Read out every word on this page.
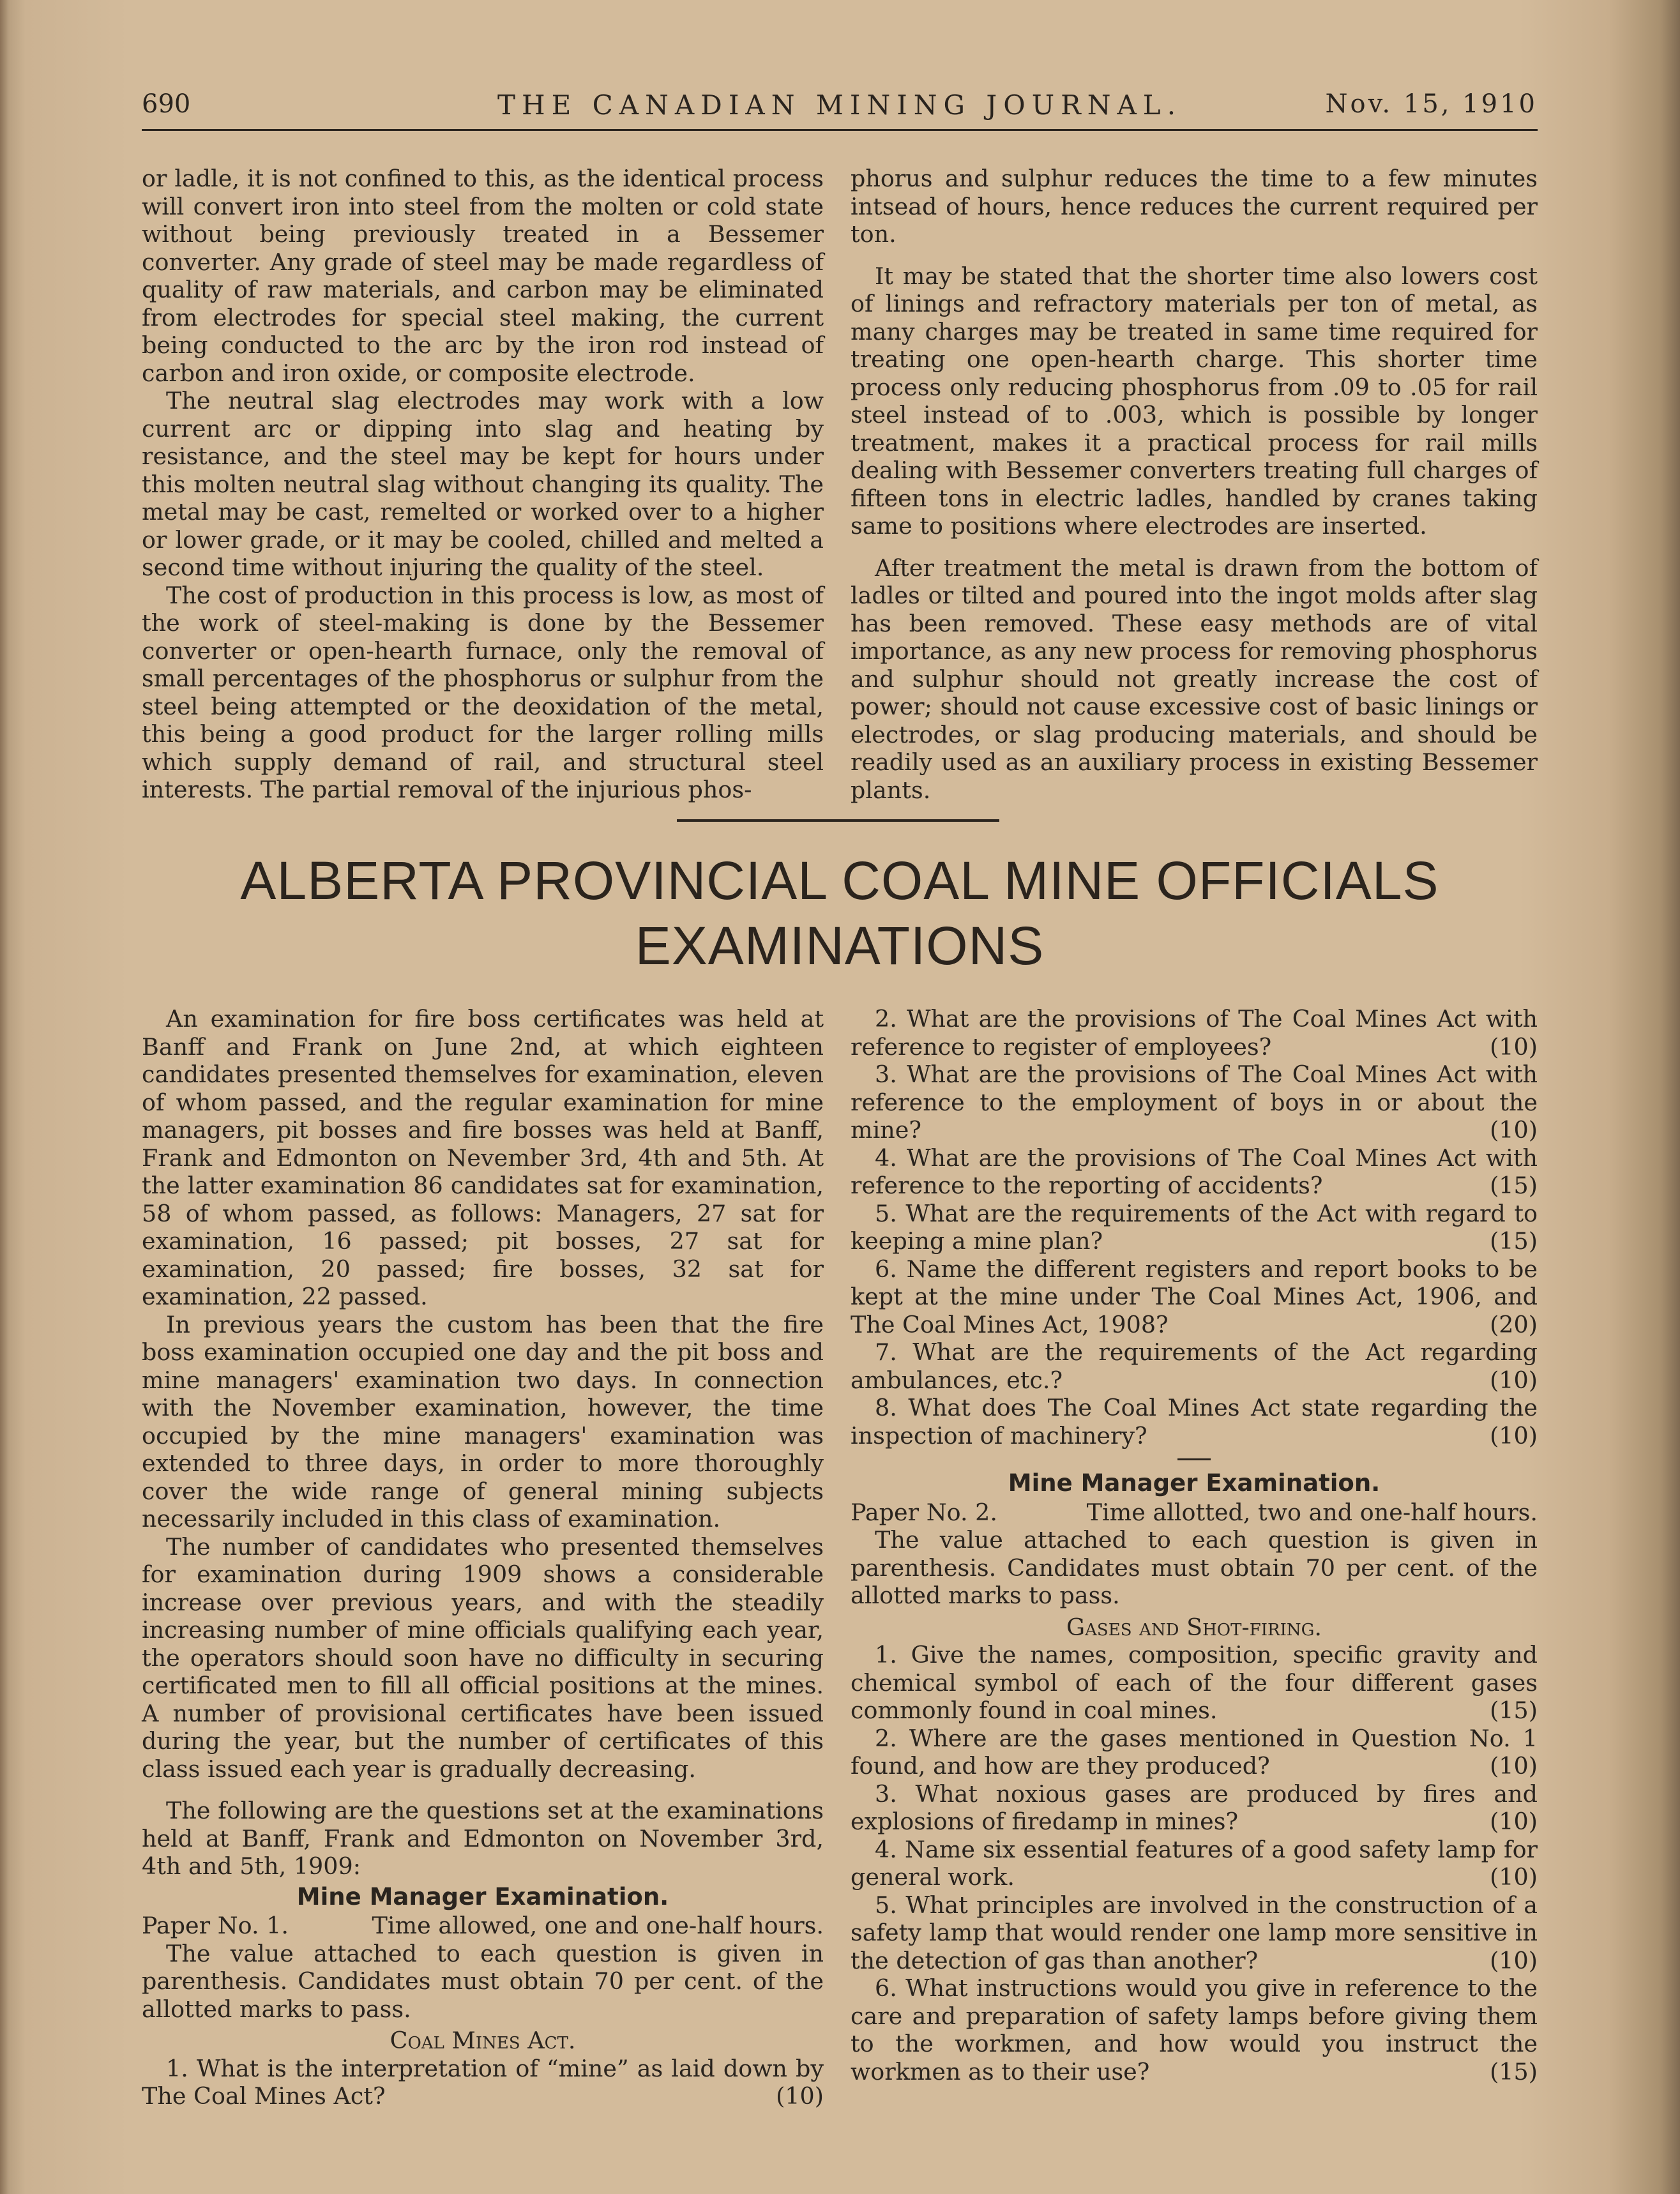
690	THE CANADIAN MINING JOURNAL.	Nov. 15, 1910

or ladle, it is not confined to this, as the identical process will convert iron into steel from the molten or cold state without being previously treated in a Bessemer converter. Any grade of steel may be made regardless of quality of raw materials, and carbon may be eliminated from electrodes for special steel making, the current being conducted to the arc by the iron rod instead of carbon and iron oxide, or composite electrode.

The neutral slag electrodes may work with a low current arc or dipping into slag and heating by resistance, and the steel may be kept for hours under this molten neutral slag without changing its quality. The metal may be cast, remelted or worked over to a higher or lower grade, or it may be cooled, chilled and melted a second time without injuring the quality of the steel.

The cost of production in this process is low, as most of the work of steel-making is done by the Bessemer converter or open-hearth furnace, only the removal of small percentages of the phosphorus or sulphur from the steel being attempted or the deoxidation of the metal, this being a good product for the larger rolling mills which supply demand of rail, and structural steel interests. The partial removal of the injurious phos-

phorus and sulphur reduces the time to a few minutes intsead of hours, hence reduces the current required per ton.

It may be stated that the shorter time also lowers cost of linings and refractory materials per ton of metal, as many charges may be treated in same time required for treating one open-hearth charge. This shorter time process only reducing phosphorus from .09 to .05 for rail steel instead of to .003, which is possible by longer treatment, makes it a practical process for rail mills dealing with Bessemer converters treating full charges of fifteen tons in electric ladles, handled by cranes taking same to positions where electrodes are inserted.

After treatment the metal is drawn from the bottom of ladles or tilted and poured into the ingot molds after slag has been removed. These easy methods are of vital importance, as any new process for removing phosphorus and sulphur should not greatly increase the cost of power; should not cause excessive cost of basic linings or electrodes, or slag producing materials, and should be readily used as an auxiliary process in existing Bessemer plants.

ALBERTA PROVINCIAL COAL MINE OFFICIALS
EXAMINATIONS

An examination for fire boss certificates was held at Banff and Frank on June 2nd, at which eighteen candidates presented themselves for examination, eleven of whom passed, and the regular examination for mine managers, pit bosses and fire bosses was held at Banff, Frank and Edmonton on Nevember 3rd, 4th and 5th. At the latter examination 86 candidates sat for examination, 58 of whom passed, as follows: Managers, 27 sat for examination, 16 passed; pit bosses, 27 sat for examination, 20 passed; fire bosses, 32 sat for examination, 22 passed.

In previous years the custom has been that the fire boss examination occupied one day and the pit boss and mine managers' examination two days. In connection with the November examination, however, the time occupied by the mine managers' examination was extended to three days, in order to more thoroughly cover the wide range of general mining subjects necessarily included in this class of examination.

The number of candidates who presented themselves for examination during 1909 shows a considerable increase over previous years, and with the steadily increasing number of mine officials qualifying each year, the operators should soon have no difficulty in securing certificated men to fill all official positions at the mines. A number of provisional certificates have been issued during the year, but the number of certificates of this class issued each year is gradually decreasing.

The following are the questions set at the examinations held at Banff, Frank and Edmonton on November 3rd, 4th and 5th, 1909:

Mine Manager Examination.

Paper No. 1.	Time allowed, one and one-half hours.

The value attached to each question is given in parenthesis. Candidates must obtain 70 per cent. of the allotted marks to pass.

Coal Mines Act.

1. What is the interpretation of “mine” as laid down by The Coal Mines Act?	(10)

2. What are the provisions of The Coal Mines Act with reference to register of employees?	(10)

3. What are the provisions of The Coal Mines Act with reference to the employment of boys in or about the mine?	(10)

4. What are the provisions of The Coal Mines Act with reference to the reporting of accidents?	(15)

5. What are the requirements of the Act with regard to keeping a mine plan?	(15)

6. Name the different registers and report books to be kept at the mine under The Coal Mines Act, 1906, and The Coal Mines Act, 1908?	(20)

7. What are the requirements of the Act regarding ambulances, etc.?	(10)

8. What does The Coal Mines Act state regarding the inspection of machinery?	(10)

Mine Manager Examination.

Paper No. 2.	Time allotted, two and one-half hours.

The value attached to each question is given in parenthesis. Candidates must obtain 70 per cent. of the allotted marks to pass.

Gases and Shot-firing.

1. Give the names, composition, specific gravity and chemical symbol of each of the four different gases commonly found in coal mines.	(15)

2. Where are the gases mentioned in Question No. 1 found, and how are they produced?	(10)

3. What noxious gases are produced by fires and explosions of firedamp in mines?	(10)

4. Name six essential features of a good safety lamp for general work.	(10)

5. What principles are involved in the construction of a safety lamp that would render one lamp more sensitive in the detection of gas than another?	(10)

6. What instructions would you give in reference to the care and preparation of safety lamps before giving them to the workmen, and how would you instruct the workmen as to their use?	(15)
